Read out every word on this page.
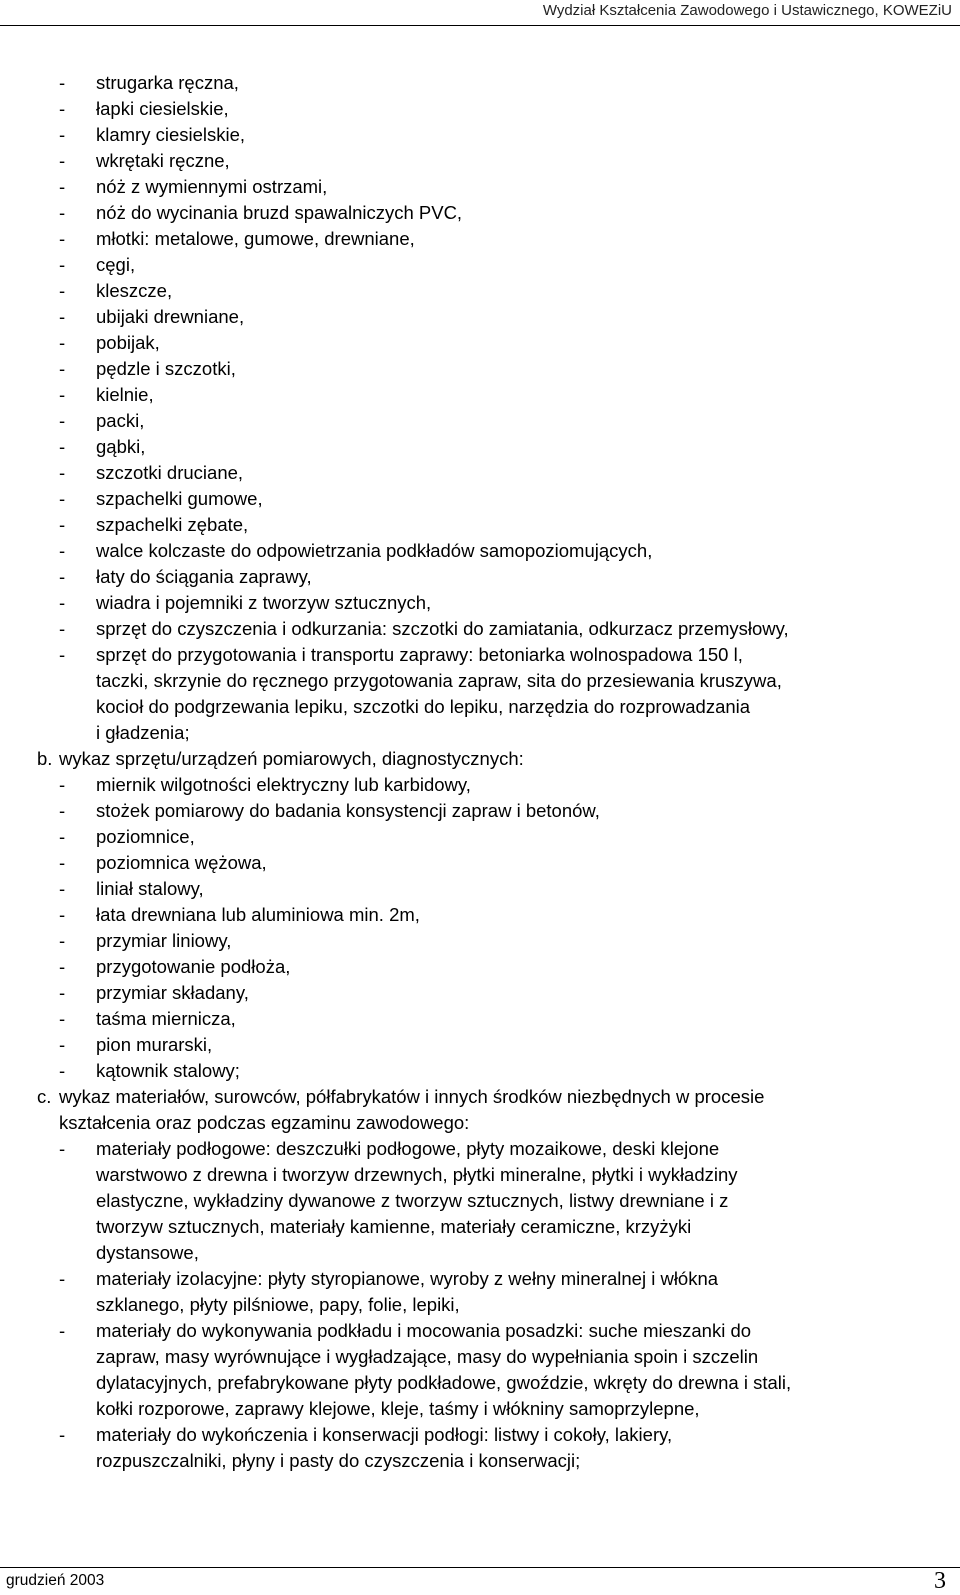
Wydział Kształcenia Zawodowego i Ustawicznego, KOWEZiU
- strugarka ręczna,
- łapki ciesielskie,
- klamry ciesielskie,
- wkrętaki ręczne,
- nóż z wymiennymi ostrzami,
- nóż do wycinania bruzd spawalniczych PVC,
- młotki: metalowe, gumowe, drewniane,
- cęgi,
- kleszcze,
- ubijaki drewniane,
- pobijak,
- pędzle i szczotki,
- kielnie,
- packi,
- gąbki,
- szczotki druciane,
- szpachelki gumowe,
- szpachelki zębate,
- walce kolczaste do odpowietrzania podkładów samopoziomujących,
- łaty do ściągania zaprawy,
- wiadra i pojemniki z tworzyw sztucznych,
- sprzęt do czyszczenia i odkurzania: szczotki do zamiatania, odkurzacz przemysłowy,
- sprzęt do przygotowania i transportu zaprawy: betoniarka wolnospadowa 150 l,
taczki, skrzynie do ręcznego przygotowania zapraw, sita do przesiewania kruszywa,
kocioł do podgrzewania lepiku, szczotki do lepiku, narzędzia do rozprowadzania
i gładzenia;
b. wykaz sprzętu/urządzeń pomiarowych, diagnostycznych:
- miernik wilgotności elektryczny lub karbidowy,
- stożek pomiarowy do badania konsystencji zapraw i betonów,
- poziomnice,
- poziomnica wężowa,
- liniał stalowy,
- łata drewniana lub aluminiowa min. 2m,
- przymiar liniowy,
- przygotowanie podłoża,
- przymiar składany,
- taśma miernicza,
- pion murarski,
- kątownik stalowy;
c. wykaz materiałów, surowców, półfabrykatów i innych środków niezbędnych w procesie
kształcenia oraz podczas egzaminu zawodowego:
- materiały podłogowe: deszczułki podłogowe, płyty mozaikowe, deski klejone
warstwowo z drewna i tworzyw drzewnych, płytki mineralne, płytki i wykładziny
elastyczne, wykładziny dywanowe z tworzyw sztucznych, listwy drewniane i z
tworzyw sztucznych, materiały kamienne, materiały ceramiczne, krzyżyki
dystansowe,
- materiały izolacyjne: płyty styropianowe, wyroby z wełny mineralnej i włókna
szklanego, płyty pilśniowe, papy, folie, lepiki,
- materiały do wykonywania podkładu i mocowania posadzki: suche mieszanki do
zapraw, masy wyrównujące i wygładzające, masy do wypełniania spoin i szczelin
dylatacyjnych, prefabrykowane płyty podkładowe, gwoździe, wkręty do drewna i stali,
kołki rozporowe, zaprawy klejowe, kleje, taśmy i włókniny samoprzylepne,
- materiały do wykończenia i konserwacji podłogi: listwy i cokoły, lakiery,
rozpuszczalniki, płyny i pasty do czyszczenia i konserwacji;
grudzień 2003	3
